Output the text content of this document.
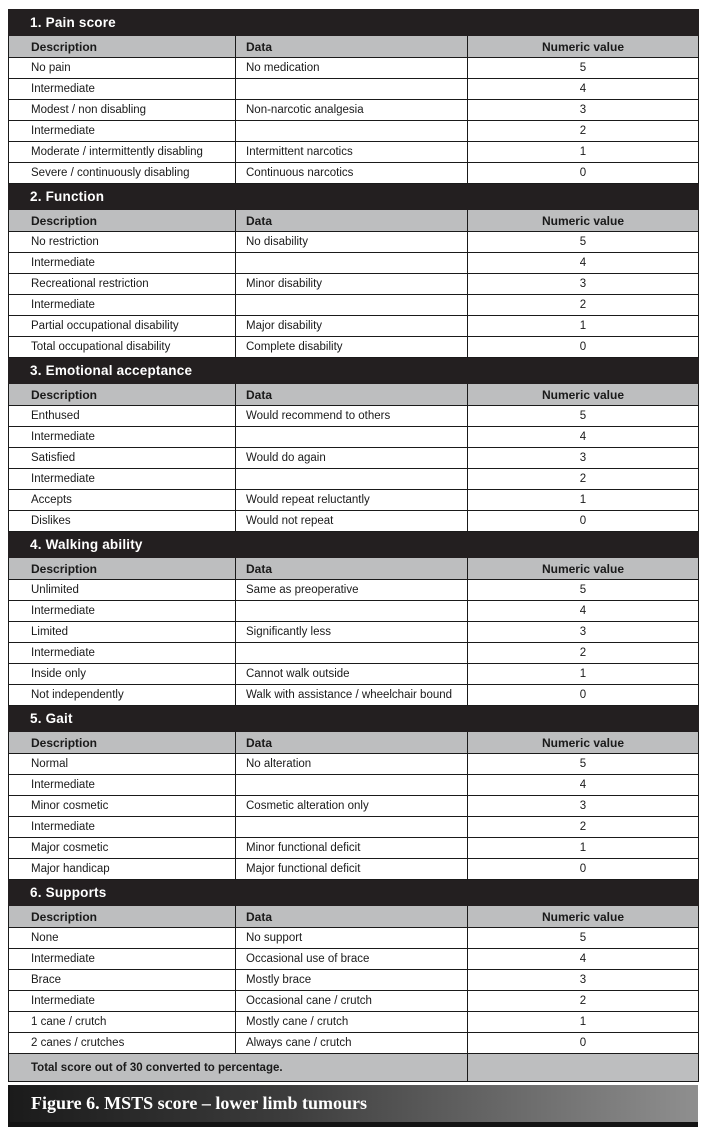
1. Pain score		
Description	Data	Numeric value
No pain	No medication	5
Intermediate		4
Modest / non disabling	Non-narcotic analgesia	3
Intermediate		2
Moderate / intermittently disabling	Intermittent narcotics	1
Severe / continuously disabling	Continuous narcotics	0
2. Function		
Description	Data	Numeric value
No restriction	No disability	5
Intermediate		4
Recreational restriction	Minor disability	3
Intermediate		2
Partial occupational disability	Major disability	1
Total occupational disability	Complete disability	0
3. Emotional acceptance		
Description	Data	Numeric value
Enthused	Would recommend to others	5
Intermediate		4
Satisfied	Would do again	3
Intermediate		2
Accepts	Would repeat reluctantly	1
Dislikes	Would not repeat	0
4. Walking ability		
Description	Data	Numeric value
Unlimited	Same as preoperative	5
Intermediate		4
Limited	Significantly less	3
Intermediate		2
Inside only	Cannot walk outside	1
Not independently	Walk with assistance / wheelchair bound	0
5. Gait		
Description	Data	Numeric value
Normal	No alteration	5
Intermediate		4
Minor cosmetic	Cosmetic alteration only	3
Intermediate		2
Major cosmetic	Minor functional deficit	1
Major handicap	Major functional deficit	0
6. Supports		
Description	Data	Numeric value
None	No support	5
Intermediate	Occasional use of brace	4
Brace	Mostly brace	3
Intermediate	Occasional cane / crutch	2
1 cane / crutch	Mostly cane / crutch	1
2 canes / crutches	Always cane / crutch	0
Total score out of 30 converted to percentage.		
Figure 6. MSTS score – lower limb tumours
